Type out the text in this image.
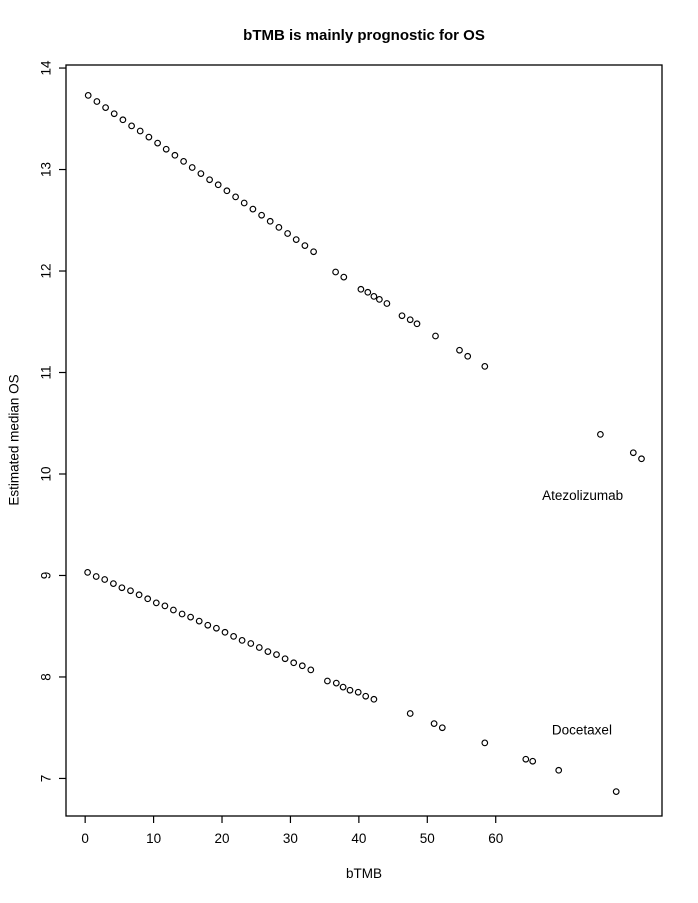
bTMB is mainly prognostic for OS
0	10	20	30	40	50	60
7
8
9
10
11
12
13
14
Atezolizumab
Docetaxel
bTMB
Estimated median OS
